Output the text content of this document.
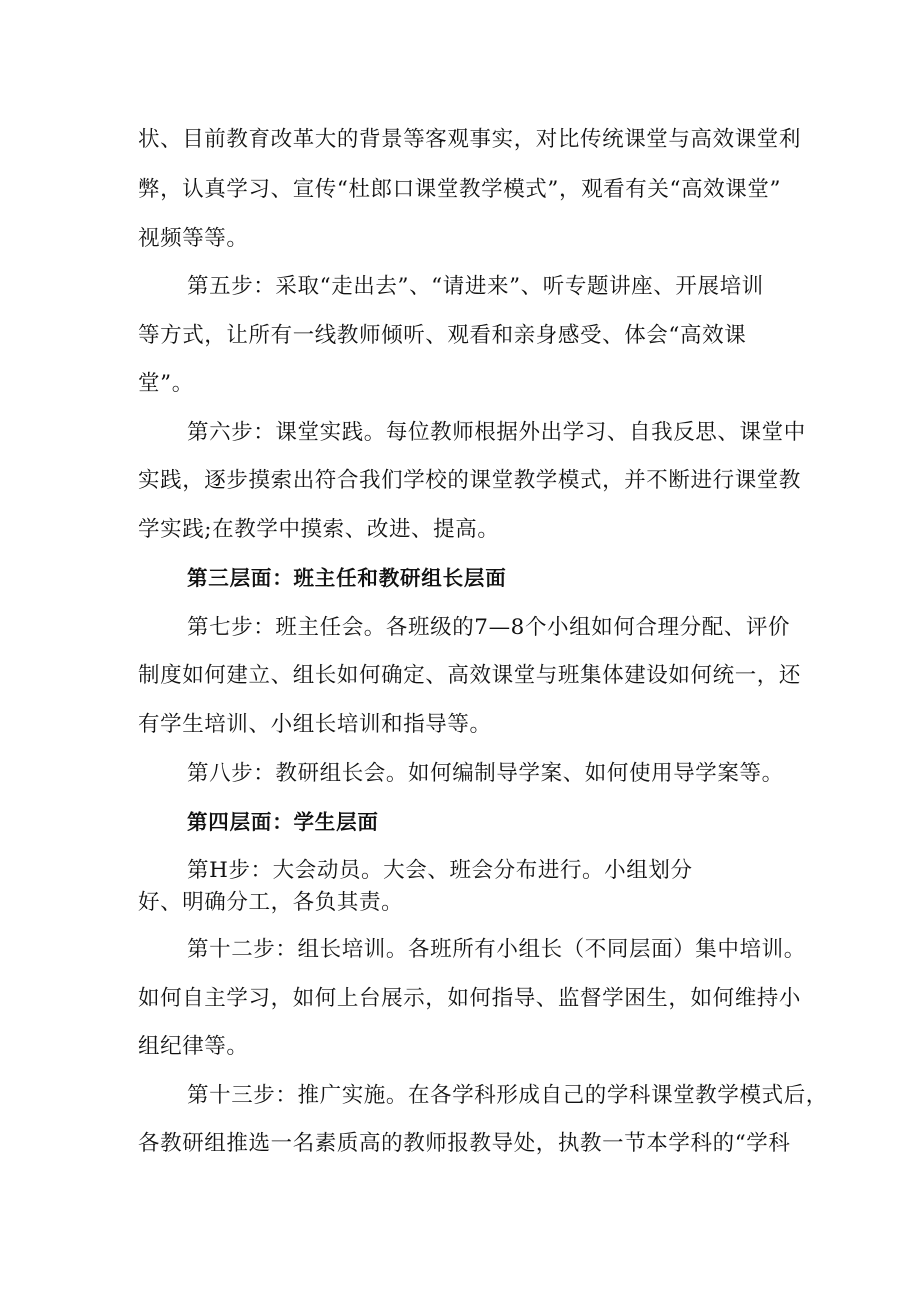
状、目前教育改革大的背景等客观事实，对比传统课堂与高效课堂利
弊，认真学习、宣传“杜郎口课堂教学模式”，观看有关“高效课堂”
视频等等。
第五步：采取“走出去”、“请进来”、听专题讲座、开展培训
等方式，让所有一线教师倾听、观看和亲身感受、体会“高效课
堂”。
第六步：课堂实践。每位教师根据外出学习、自我反思、课堂中
实践，逐步摸索出符合我们学校的课堂教学模式，并不断进行课堂教
学实践;在教学中摸索、改进、提高。
第三层面：班主任和教研组长层面
第七步：班主任会。各班级的7—8个小组如何合理分配、评价
制度如何建立、组长如何确定、高效课堂与班集体建设如何统一，还
有学生培训、小组长培训和指导等。
第八步：教研组长会。如何编制导学案、如何使用导学案等。
第四层面：学生层面
第H步：大会动员。大会、班会分布进行。小组划分
好、明确分工，各负其责。
第十二步：组长培训。各班所有小组长（不同层面）集中培训。
如何自主学习，如何上台展示，如何指导、监督学困生，如何维持小
组纪律等。
第十三步：推广实施。在各学科形成自己的学科课堂教学模式后，
各教研组推选一名素质高的教师报教导处，执教一节本学科的“学科
